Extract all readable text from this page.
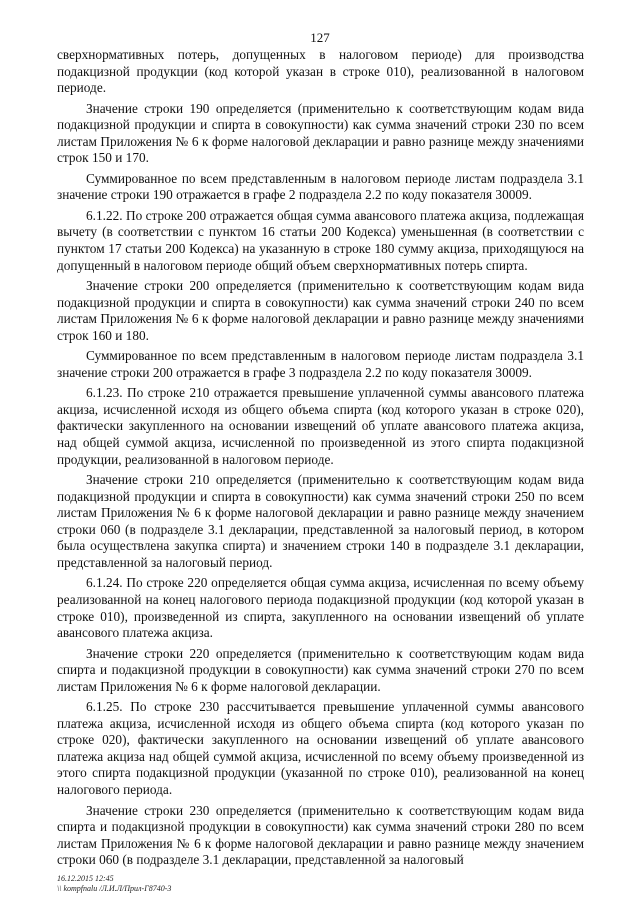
127

сверхнормативных потерь, допущенных в налоговом периоде) для производства подакцизной продукции (код которой указан в строке 010), реализованной в налоговом периоде.

Значение строки 190 определяется (применительно к соответствующим кодам вида подакцизной продукции и спирта в совокупности) как сумма значений строки 230 по всем листам Приложения № 6 к форме налоговой декларации и равно разнице между значениями строк 150 и 170.

Суммированное по всем представленным в налоговом периоде листам подраздела 3.1 значение строки 190 отражается в графе 2 подраздела 2.2 по коду показателя 30009.

6.1.22. По строке 200 отражается общая сумма авансового платежа акциза, подлежащая вычету (в соответствии с пунктом 16 статьи 200 Кодекса) уменьшенная (в соответствии с пунктом 17 статьи 200 Кодекса) на указанную в строке 180 сумму акциза, приходящуюся на допущенный в налоговом периоде общий объем сверхнормативных потерь спирта.

Значение строки 200 определяется (применительно к соответствующим кодам вида подакцизной продукции и спирта в совокупности) как сумма значений строки 240 по всем листам Приложения № 6 к форме налоговой декларации и равно разнице между значениями строк 160 и 180.

Суммированное по всем представленным в налоговом периоде листам подраздела 3.1 значение строки 200 отражается в графе 3 подраздела 2.2 по коду показателя 30009.

6.1.23. По строке 210 отражается превышение уплаченной суммы авансового платежа акциза, исчисленной исходя из общего объема спирта (код которого указан в строке 020), фактически закупленного на основании извещений об уплате авансового платежа акциза, над общей суммой акциза, исчисленной по произведенной из этого спирта подакцизной продукции, реализованной в налоговом периоде.

Значение строки 210 определяется (применительно к соответствующим кодам вида подакцизной продукции и спирта в совокупности) как сумма значений строки 250 по всем листам Приложения № 6 к форме налоговой декларации и равно разнице между значением строки 060 (в подразделе 3.1 декларации, представленной за налоговый период, в котором была осуществлена закупка спирта) и значением строки 140 в подразделе 3.1 декларации, представленной за налоговый период.

6.1.24. По строке 220 определяется общая сумма акциза, исчисленная по всему объему реализованной на конец налогового периода подакцизной продукции (код которой указан в строке 010), произведенной из спирта, закупленного на основании извещений об уплате авансового платежа акциза.

Значение строки 220 определяется (применительно к соответствующим кодам вида спирта и подакцизной продукции в совокупности) как сумма значений строки 270 по всем листам Приложения № 6 к форме налоговой декларации.

6.1.25. По строке 230 рассчитывается превышение уплаченной суммы авансового платежа акциза, исчисленной исходя из общего объема спирта (код которого указан по строке 020), фактически закупленного на основании извещений об уплате авансового платежа акциза над общей суммой акциза, исчисленной по всему объему произведенной из этого спирта подакцизной продукции (указанной по строке 010), реализованной на конец налогового периода.

Значение строки 230 определяется (применительно к соответствующим кодам вида спирта и подакцизной продукции в совокупности) как сумма значений строки 280 по всем листам Приложения № 6 к форме налоговой декларации и равно разнице между значением строки 060 (в подразделе 3.1 декларации, представленной за налоговый

16.12.2015 12:45
\\ kompfnalu /Л.И.Л/Прил-Г8740-3
